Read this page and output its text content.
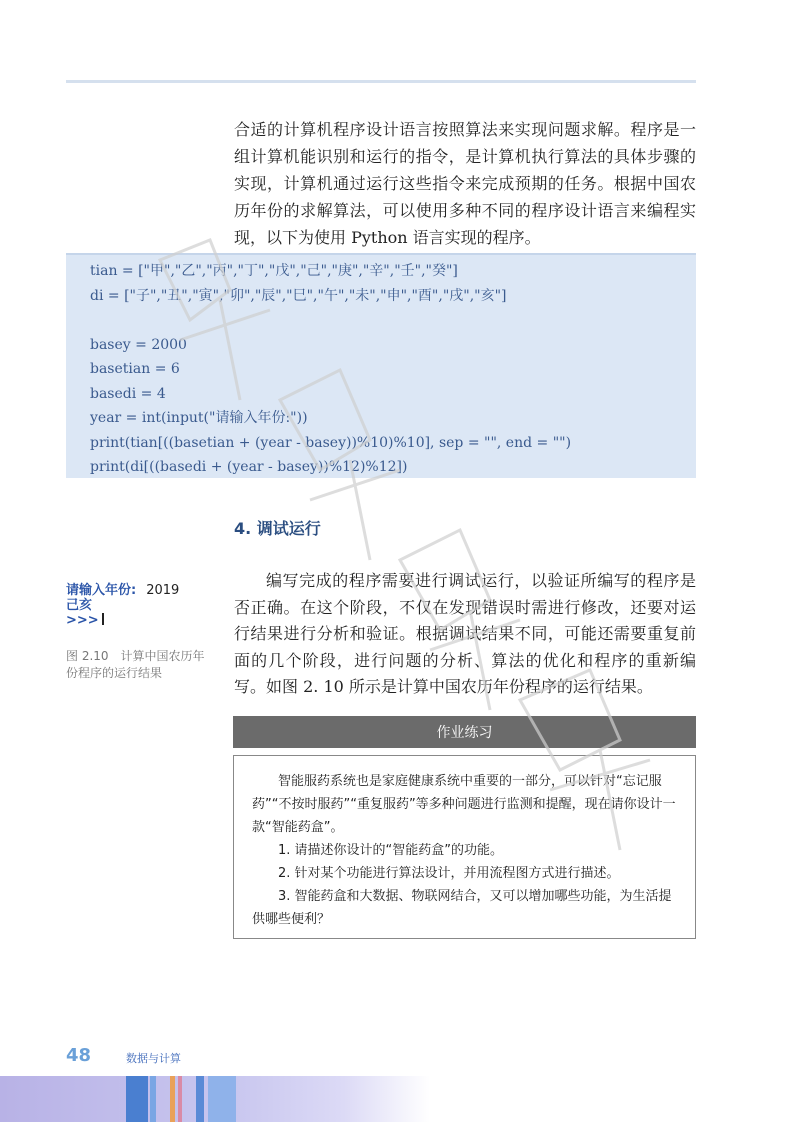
合适的计算机程序设计语言按照算法来实现问题求解。程序是一组计算机能识别和运行的指令，是计算机执行算法的具体步骤的实现，计算机通过运行这些指令来完成预期的任务。根据中国农历年份的求解算法，可以使用多种不同的程序设计语言来编程实现，以下为使用 Python 语言实现的程序。

tian = ["甲","乙","丙","丁","戊","己","庚","辛","壬","癸"]
di = ["子","丑","寅","卯","辰","巳","午","未","申","酉","戌","亥"]
basey = 2000
basetian = 6
basedi = 4
year = int(input("请输入年份:"))
print(tian[((basetian + (year - basey))%10)%10], sep = "", end = "")
print(di[((basedi + (year - basey))%12)%12])
4. 调试运行
请输入年份: 2019
己亥
>>>
图 2.10　计算中国农历年
份程序的运行结果

编写完成的程序需要进行调试运行，以验证所编写的程序是否正确。在这个阶段，不仅在发现错误时需进行修改，还要对运行结果进行分析和验证。根据调试结果不同，可能还需要重复前面的几个阶段，进行问题的分析、算法的优化和程序的重新编写。如图 2. 10 所示是计算中国农历年份程序的运行结果。

作业练习

智能服药系统也是家庭健康系统中重要的一部分，可以针对“忘记服药”“不按时服药”“重复服药”等多种问题进行监测和提醒，现在请你设计一款“智能药盒”。

1. 请描述你设计的“智能药盒”的功能。

2. 针对某个功能进行算法设计，并用流程图方式进行描述。

3. 智能药盒和大数据、物联网结合，又可以增加哪些功能，为生活提供哪些便利？

48	数据与计算
